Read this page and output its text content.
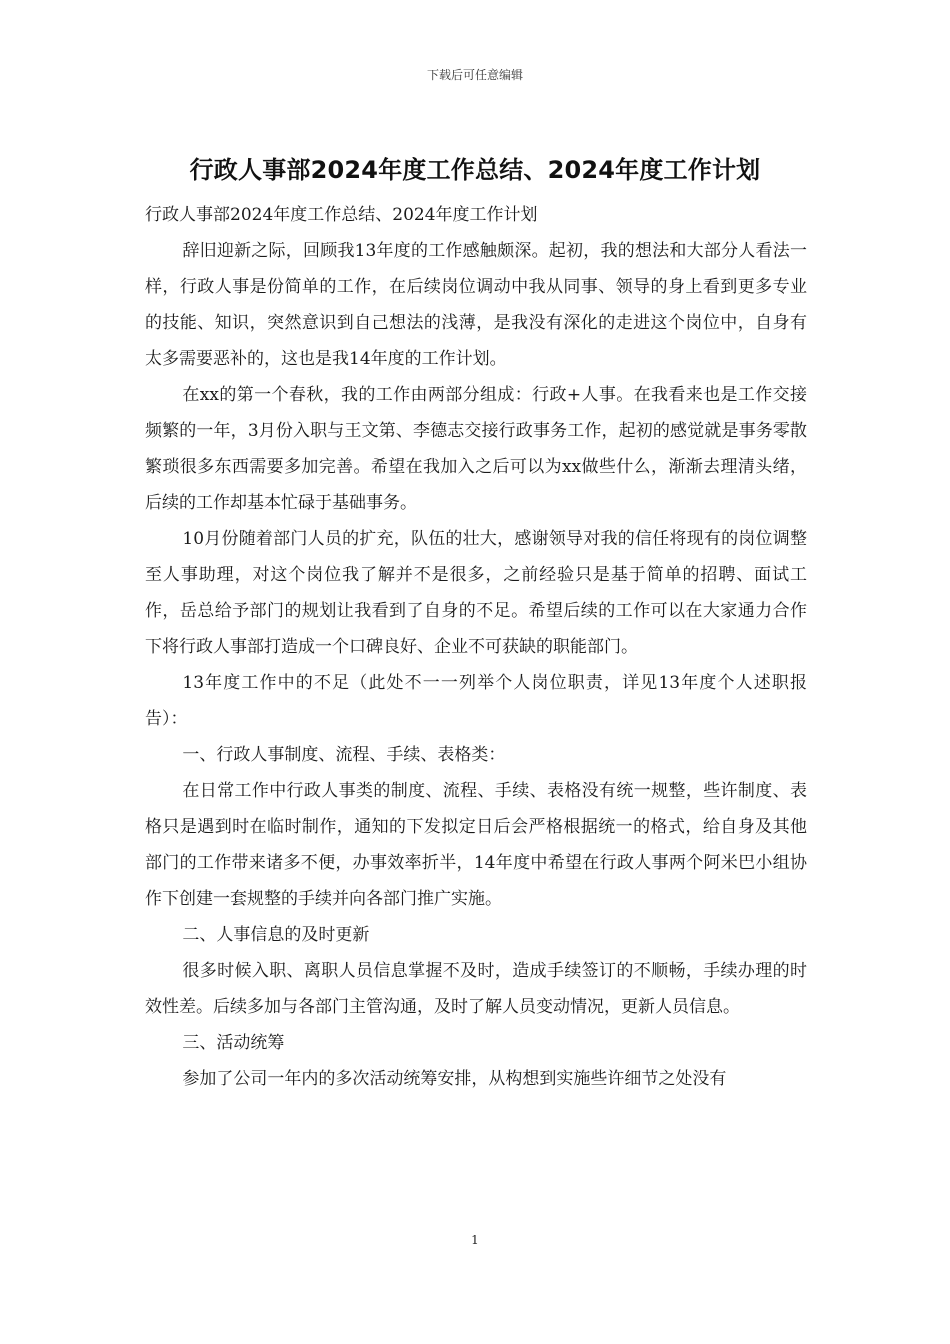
下载后可任意编辑
行政人事部2024年度工作总结、2024年度工作计划

行政人事部2024年度工作总结、2024年度工作计划

辞旧迎新之际，回顾我13年度的工作感触颇深。起初，我的想法和大部分人看法一样，行政人事是份简单的工作，在后续岗位调动中我从同事、领导的身上看到更多专业的技能、知识，突然意识到自己想法的浅薄，是我没有深化的走进这个岗位中，自身有太多需要恶补的，这也是我14年度的工作计划。

在xx的第一个春秋，我的工作由两部分组成：行政+人事。在我看来也是工作交接频繁的一年，3月份入职与王文第、李德志交接行政事务工作，起初的感觉就是事务零散繁琐很多东西需要多加完善。希望在我加入之后可以为xx做些什么，渐渐去理清头绪，后续的工作却基本忙碌于基础事务。

10月份随着部门人员的扩充，队伍的壮大，感谢领导对我的信任将现有的岗位调整至人事助理，对这个岗位我了解并不是很多，之前经验只是基于简单的招聘、面试工作，岳总给予部门的规划让我看到了自身的不足。希望后续的工作可以在大家通力合作下将行政人事部打造成一个口碑良好、企业不可获缺的职能部门。

13年度工作中的不足（此处不一一列举个人岗位职责，详见13年度个人述职报告）：

一、行政人事制度、流程、手续、表格类：

在日常工作中行政人事类的制度、流程、手续、表格没有统一规整，些许制度、表格只是遇到时在临时制作，通知的下发拟定日后会严格根据统一的格式，给自身及其他部门的工作带来诸多不便，办事效率折半，14年度中希望在行政人事两个阿米巴小组协作下创建一套规整的手续并向各部门推广实施。

二、人事信息的及时更新

很多时候入职、离职人员信息掌握不及时，造成手续签订的不顺畅，手续办理的时效性差。后续多加与各部门主管沟通，及时了解人员变动情况，更新人员信息。

三、活动统筹

参加了公司一年内的多次活动统筹安排，从构想到实施些许细节之处没有

1
